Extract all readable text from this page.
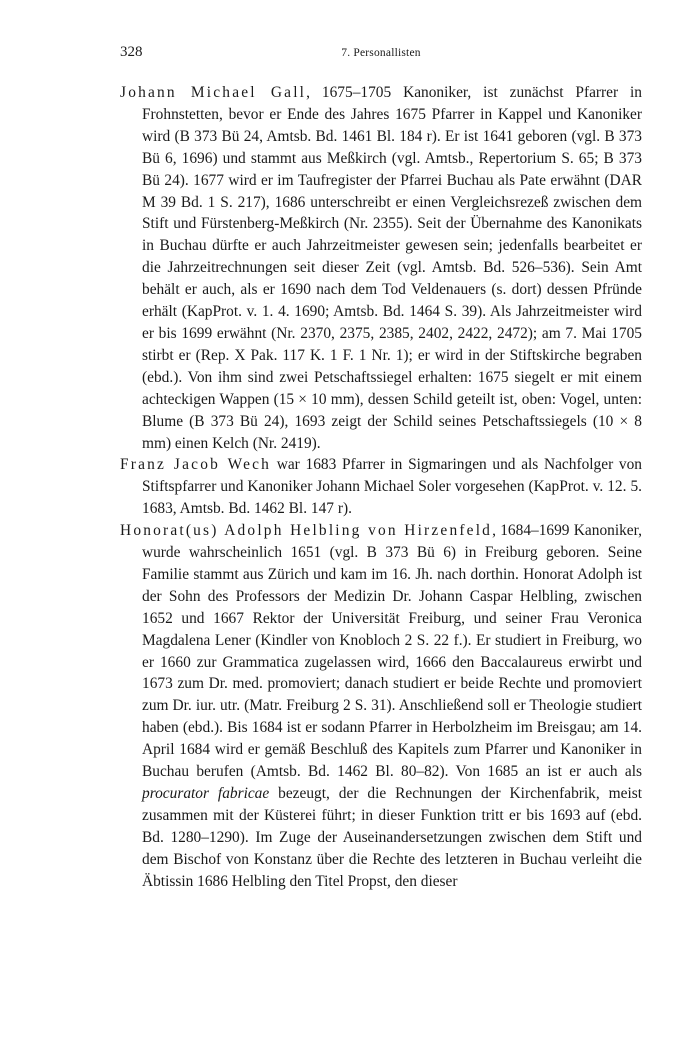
328	7. Personallisten

Johann Michael Gall, 1675–1705 Kanoniker, ist zunächst Pfarrer in Frohnstetten, bevor er Ende des Jahres 1675 Pfarrer in Kappel und Kanoniker wird (B 373 Bü 24, Amtsb. Bd. 1461 Bl. 184 r). Er ist 1641 geboren (vgl. B 373 Bü 6, 1696) und stammt aus Meßkirch (vgl. Amtsb., Repertorium S. 65; B 373 Bü 24). 1677 wird er im Taufregister der Pfarrei Buchau als Pate erwähnt (DAR M 39 Bd. 1 S. 217), 1686 unterschreibt er einen Vergleichsrezeß zwischen dem Stift und Fürstenberg-Meßkirch (Nr. 2355). Seit der Übernahme des Kanonikats in Buchau dürfte er auch Jahrzeitmeister gewesen sein; jedenfalls bearbeitet er die Jahrzeitrechnungen seit dieser Zeit (vgl. Amtsb. Bd. 526–536). Sein Amt behält er auch, als er 1690 nach dem Tod Veldenauers (s. dort) dessen Pfründe erhält (KapProt. v. 1. 4. 1690; Amtsb. Bd. 1464 S. 39). Als Jahrzeitmeister wird er bis 1699 erwähnt (Nr. 2370, 2375, 2385, 2402, 2422, 2472); am 7. Mai 1705 stirbt er (Rep. X Pak. 117 K. 1 F. 1 Nr. 1); er wird in der Stiftskirche begraben (ebd.). Von ihm sind zwei Petschaftssiegel erhalten: 1675 siegelt er mit einem achteckigen Wappen (15 × 10 mm), dessen Schild geteilt ist, oben: Vogel, unten: Blume (B 373 Bü 24), 1693 zeigt der Schild seines Petschaftssiegels (10 × 8 mm) einen Kelch (Nr. 2419).

Franz Jacob Wech war 1683 Pfarrer in Sigmaringen und als Nachfolger von Stiftspfarrer und Kanoniker Johann Michael Soler vorgesehen (KapProt. v. 12. 5. 1683, Amtsb. Bd. 1462 Bl. 147 r).

Honorat(us) Adolph Helbling von Hirzenfeld, 1684–1699 Kanoniker, wurde wahrscheinlich 1651 (vgl. B 373 Bü 6) in Freiburg geboren. Seine Familie stammt aus Zürich und kam im 16. Jh. nach dorthin. Honorat Adolph ist der Sohn des Professors der Medizin Dr. Johann Caspar Helbling, zwischen 1652 und 1667 Rektor der Universität Freiburg, und seiner Frau Veronica Magdalena Lener (Kindler von Knobloch 2 S. 22 f.). Er studiert in Freiburg, wo er 1660 zur Grammatica zugelassen wird, 1666 den Baccalaureus erwirbt und 1673 zum Dr. med. promoviert; danach studiert er beide Rechte und promoviert zum Dr. iur. utr. (Matr. Freiburg 2 S. 31). Anschließend soll er Theologie studiert haben (ebd.). Bis 1684 ist er sodann Pfarrer in Herbolzheim im Breisgau; am 14. April 1684 wird er gemäß Beschluß des Kapitels zum Pfarrer und Kanoniker in Buchau berufen (Amtsb. Bd. 1462 Bl. 80–82). Von 1685 an ist er auch als procurator fabricae bezeugt, der die Rechnungen der Kirchenfabrik, meist zusammen mit der Küsterei führt; in dieser Funktion tritt er bis 1693 auf (ebd. Bd. 1280–1290). Im Zuge der Auseinandersetzungen zwischen dem Stift und dem Bischof von Konstanz über die Rechte des letzteren in Buchau verleiht die Äbtissin 1686 Helbling den Titel Propst, den dieser
